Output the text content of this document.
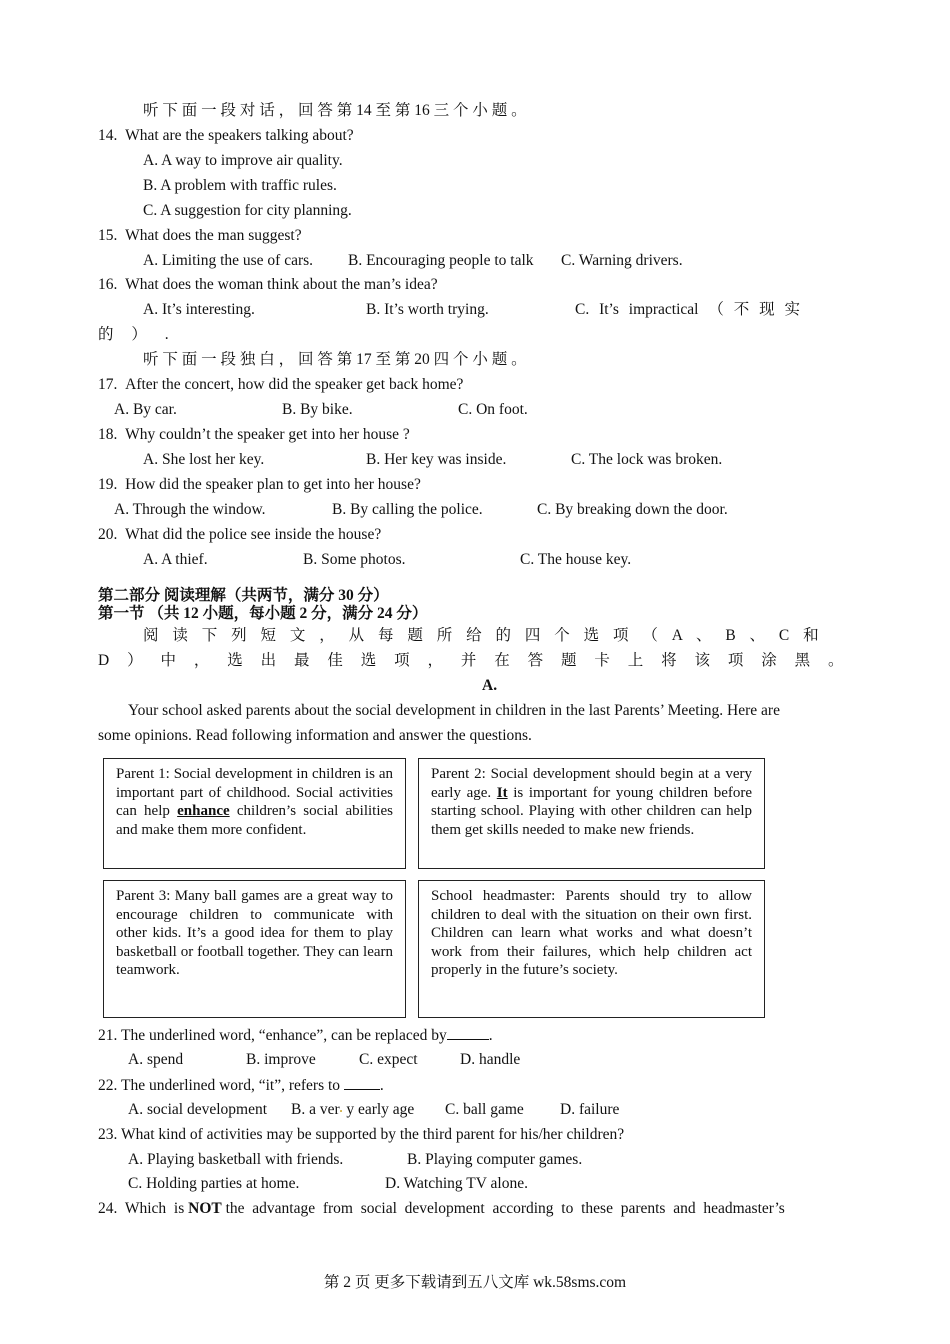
听 下 面 一 段 对 话 ， 回 答 第 14 至 第 16 三 个 小 题 。
14. What are the speakers talking about?
A. A way to improve air quality.
B. A problem with traffic rules.
C. A suggestion for city planning.
15. What does the man suggest?
A. Limiting the use of cars. B. Encouraging people to talk C. Warning drivers.
16. What does the woman think about the man’s idea?
A. It’s interesting.	B. It’s worth trying.	C. It’s impractical （ 不 现 实
的 ） .
听 下 面 一 段 独 白 ， 回 答 第 17 至 第 20 四 个 小 题 。
17. After the concert, how did the speaker get back home?
A. By car.	B. By bike.	C. On foot.
18. Why couldn’t the speaker get into her house ?
A. She lost her key.	B. Her key was inside.	C. The lock was broken.
19. How did the speaker plan to get into her house?
A. Through the window.	B. By calling the police.	C. By breaking down the door.
20. What did the police see inside the house?
A. A thief.	B. Some photos.	C. The house key.
第二部分 阅读理解（共两节，满分 30 分）
第一节 （共 12 小题，每小题 2 分，满分 24 分）
阅 读 下 列 短 文 ， 从 每 题 所 给 的 四 个 选 项 （ A 、 B 、 C 和
D ） 中 ， 选 出 最 佳 选 项 ， 并 在 答 题 卡 上 将 该 项 涂 黑 。
A.
Your school asked parents about the social development in children in the last Parents’ Meeting. Here are
some opinions. Read following information and answer the questions.
Parent 1: Social development in children is an important part of childhood. Social activities can help enhance children’s social abilities and make them more confident.
Parent 2: Social development should begin at a very early age. It is important for young children before starting school. Playing with other children can help them get skills needed to make new friends.
Parent 3: Many ball games are a great way to encourage children to communicate with other kids. It’s a good idea for them to play basketball or football together. They can learn teamwork.
School headmaster: Parents should try to allow children to deal with the situation on their own first. Children can learn what works and what doesn’t work from their failures, which help children act properly in the future’s society.
21. The underlined word, “enhance”, can be replaced by	.
A. spend	B. improve	C. expect	D. handle
22. The underlined word, “it”, refers to	.
A. social development B. a ver• y early age C. ball game D. failure
23. What kind of activities may be supported by the third parent for his/her children?
A. Playing basketball with friends.	B. Playing computer games.
C. Holding parties at home.	D. Watching TV alone.
24.  Which  is NOT the  advantage  from  social  development  according  to  these  parents  and  headmaster’s
第 2 页 更多下载请到五八文库 wk.58sms.com
